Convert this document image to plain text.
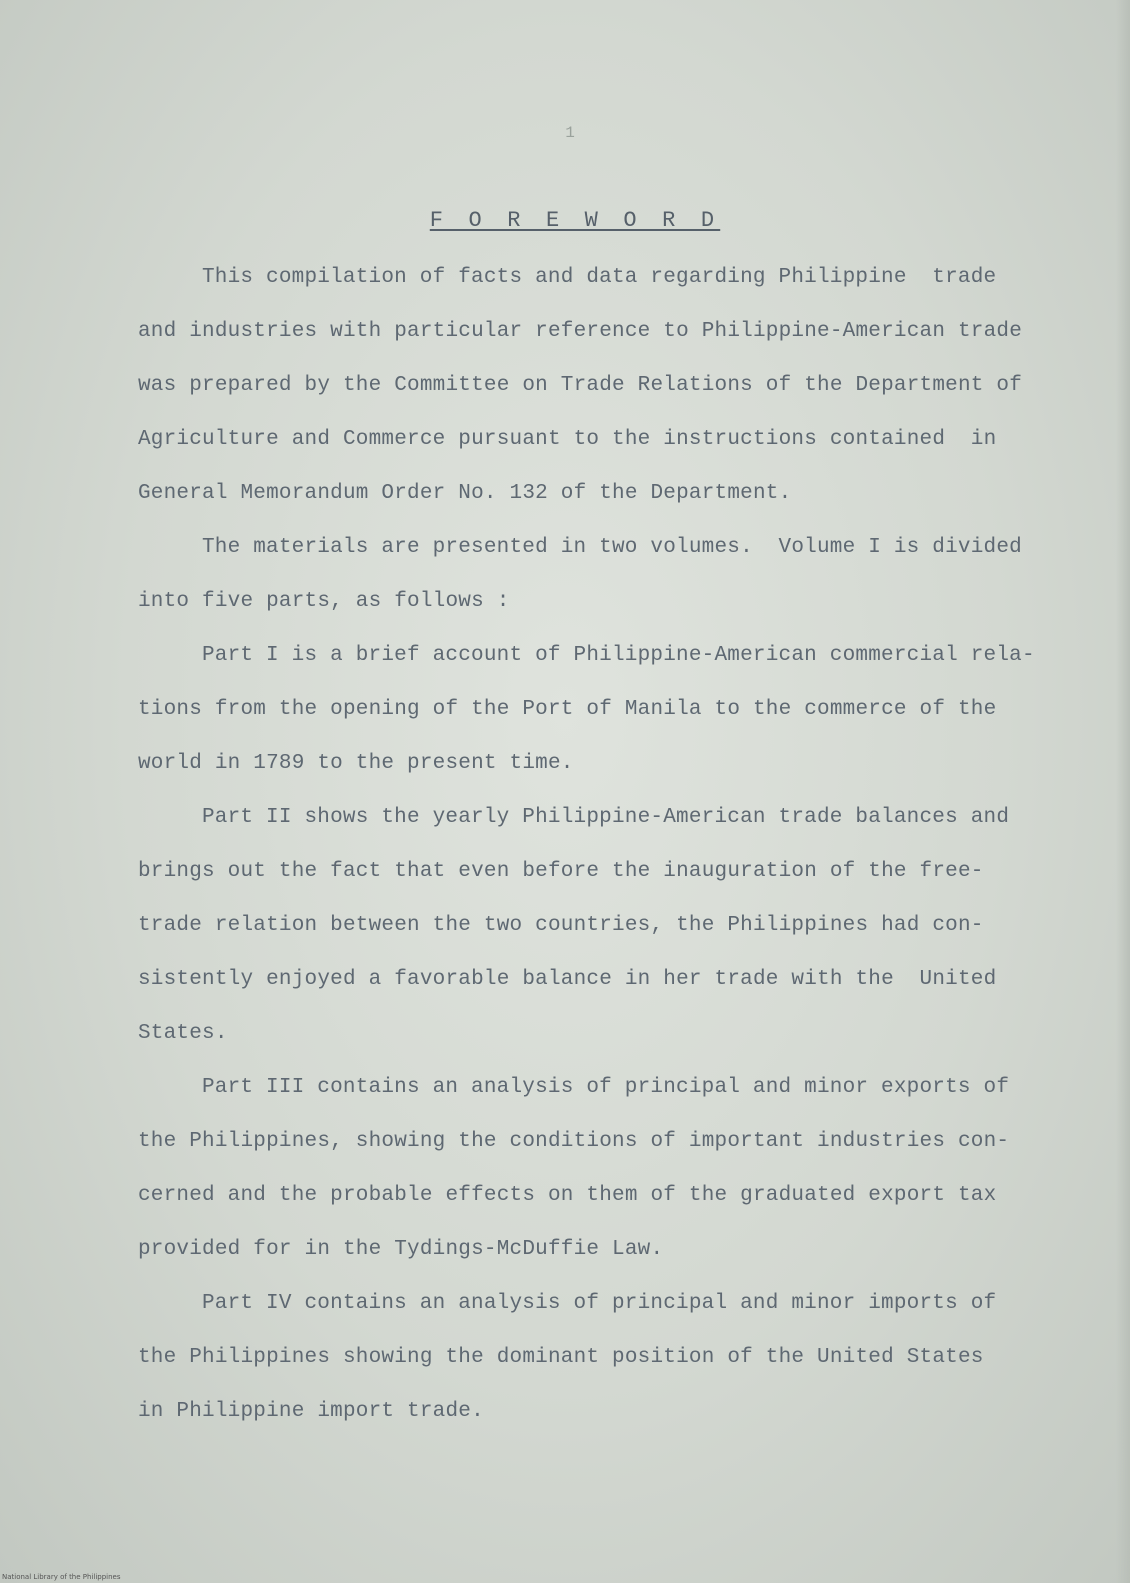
1
F O R E W O R D
This compilation of facts and data regarding Philippine  trade
and industries with particular reference to Philippine-American trade
was prepared by the Committee on Trade Relations of the Department of
Agriculture and Commerce pursuant to the instructions contained  in
General Memorandum Order No. 132 of the Department.
The materials are presented in two volumes.  Volume I is divided
into five parts, as follows :
Part I is a brief account of Philippine-American commercial rela-
tions from the opening of the Port of Manila to the commerce of the
world in 1789 to the present time.
Part II shows the yearly Philippine-American trade balances and
brings out the fact that even before the inauguration of the free-
trade relation between the two countries, the Philippines had con-
sistently enjoyed a favorable balance in her trade with the  United
States.
Part III contains an analysis of principal and minor exports of
the Philippines, showing the conditions of important industries con-
cerned and the probable effects on them of the graduated export tax
provided for in the Tydings-McDuffie Law.
Part IV contains an analysis of principal and minor imports of
the Philippines showing the dominant position of the United States
in Philippine import trade.
National Library of the Philippines
